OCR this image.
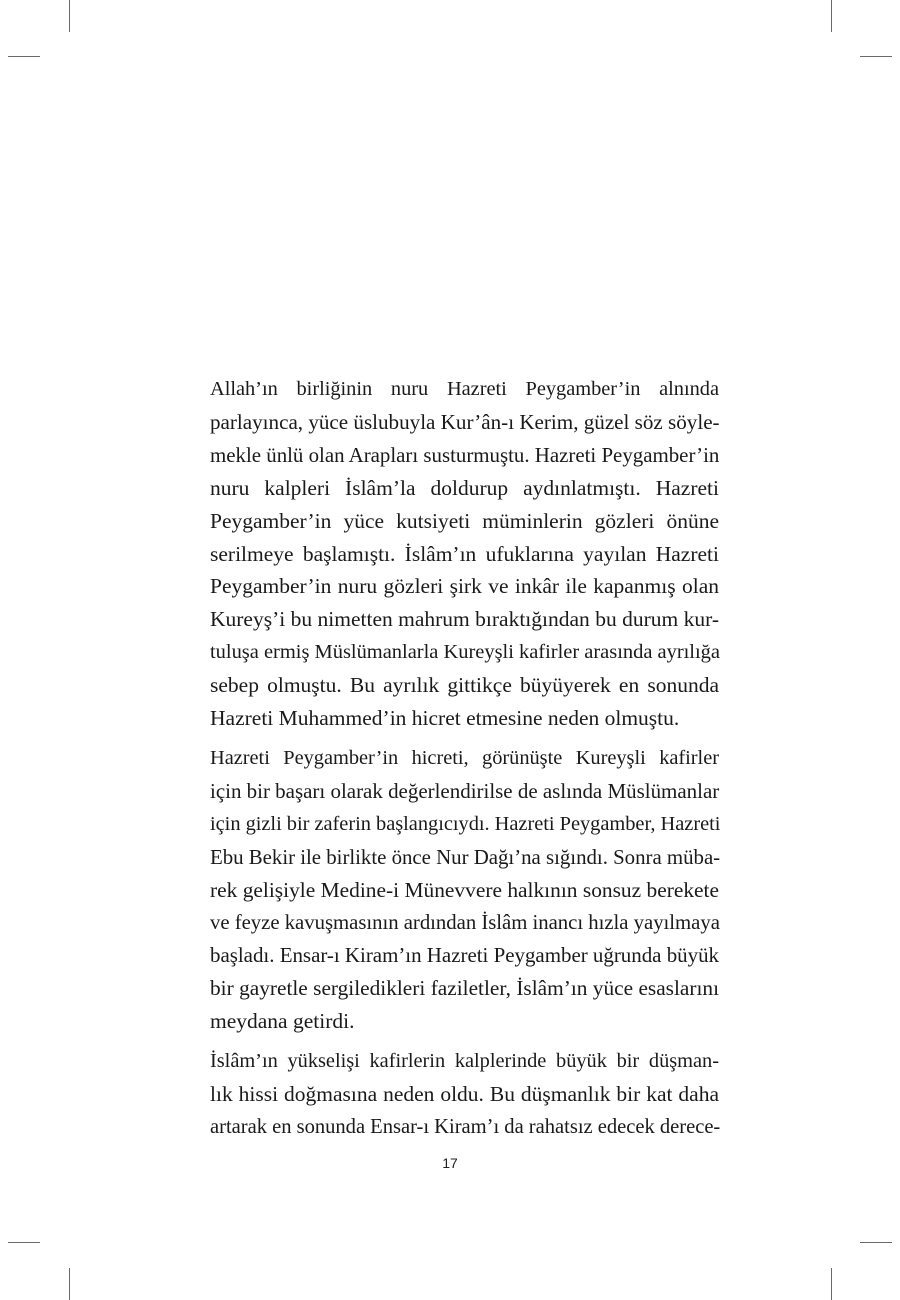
Allah’ın birliğinin nuru Hazreti Peygamber’in alnında
parlayınca, yüce üslubuyla Kur’ân-ı Kerim, güzel söz söyle-
mekle ünlü olan Arapları susturmuştu. Hazreti Peygamber’in
nuru kalpleri İslâm’la doldurup aydınlatmıştı. Hazreti
Peygamber’in yüce kutsiyeti müminlerin gözleri önüne
serilmeye başlamıştı. İslâm’ın ufuklarına yayılan Hazreti
Peygamber’in nuru gözleri şirk ve inkâr ile kapanmış olan
Kureyş’i bu nimetten mahrum bıraktığından bu durum kur-
tuluşa ermiş Müslümanlarla Kureyşli kafirler arasında ayrılığa
sebep olmuştu. Bu ayrılık gittikçe büyüyerek en sonunda
Hazreti Muhammed’in hicret etmesine neden olmuştu.

Hazreti Peygamber’in hicreti, görünüşte Kureyşli kafirler
için bir başarı olarak değerlendirilse de aslında Müslümanlar
için gizli bir zaferin başlangıcıydı. Hazreti Peygamber, Hazreti
Ebu Bekir ile birlikte önce Nur Dağı’na sığındı. Sonra müba-
rek gelişiyle Medine-i Münevvere halkının sonsuz berekete
ve feyze kavuşmasının ardından İslâm inancı hızla yayılmaya
başladı. Ensar-ı Kiram’ın Hazreti Peygamber uğrunda büyük
bir gayretle sergiledikleri faziletler, İslâm’ın yüce esaslarını
meydana getirdi.

İslâm’ın yükselişi kafirlerin kalplerinde büyük bir düşman-
lık hissi doğmasına neden oldu. Bu düşmanlık bir kat daha
artarak en sonunda Ensar-ı Kiram’ı da rahatsız edecek derece-

17
